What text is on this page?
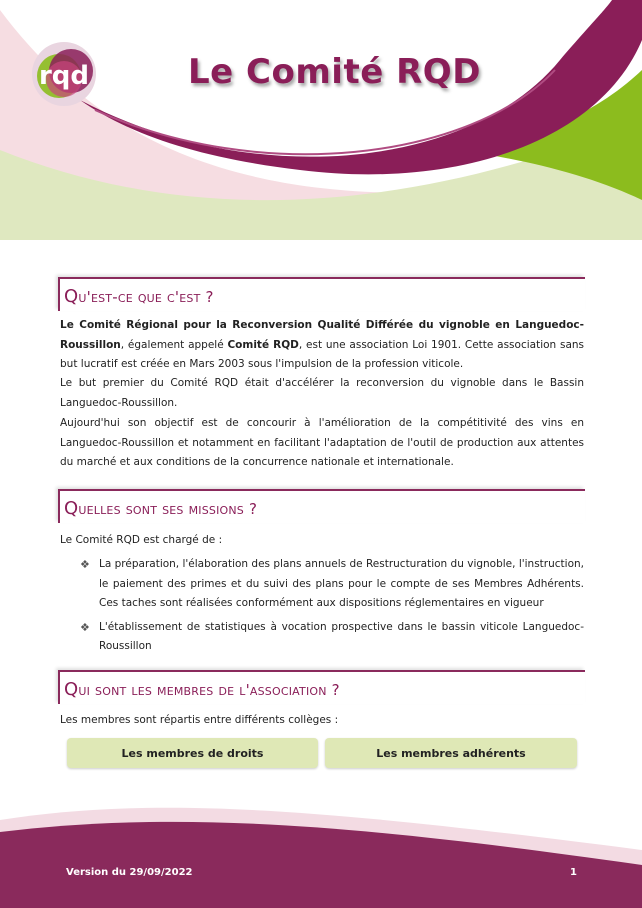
rqd	Le Comité RQD
Qu'est-ce que c'est ?

Le Comité Régional pour la Reconversion Qualité Différée du vignoble en Languedoc-Roussillon, également appelé Comité RQD, est une association Loi 1901. Cette association sans but lucratif est créée en Mars 2003 sous l'impulsion de la profession viticole.

Le but premier du Comité RQD était d'accélérer la reconversion du vignoble dans le Bassin Languedoc-Roussillon.

Aujourd'hui son objectif est de concourir à l'amélioration de la compétitivité des vins en Languedoc-Roussillon et notamment en facilitant l'adaptation de l'outil de production aux attentes du marché et aux conditions de la concurrence nationale et internationale.

Quelles sont ses missions ?

Le Comité RQD est chargé de :

❖ La préparation, l'élaboration des plans annuels de Restructuration du vignoble, l'instruction, le paiement des primes et du suivi des plans pour le compte de ses Membres Adhérents. Ces taches sont réalisées conformément aux dispositions réglementaires en vigueur
❖ L'établissement de statistiques à vocation prospective dans le bassin viticole Languedoc-Roussillon
Qui sont les membres de l'association ?

Les membres sont répartis entre différents collèges :

Les membres de droits	Les membres adhérents
Version du 29/09/2022	1
